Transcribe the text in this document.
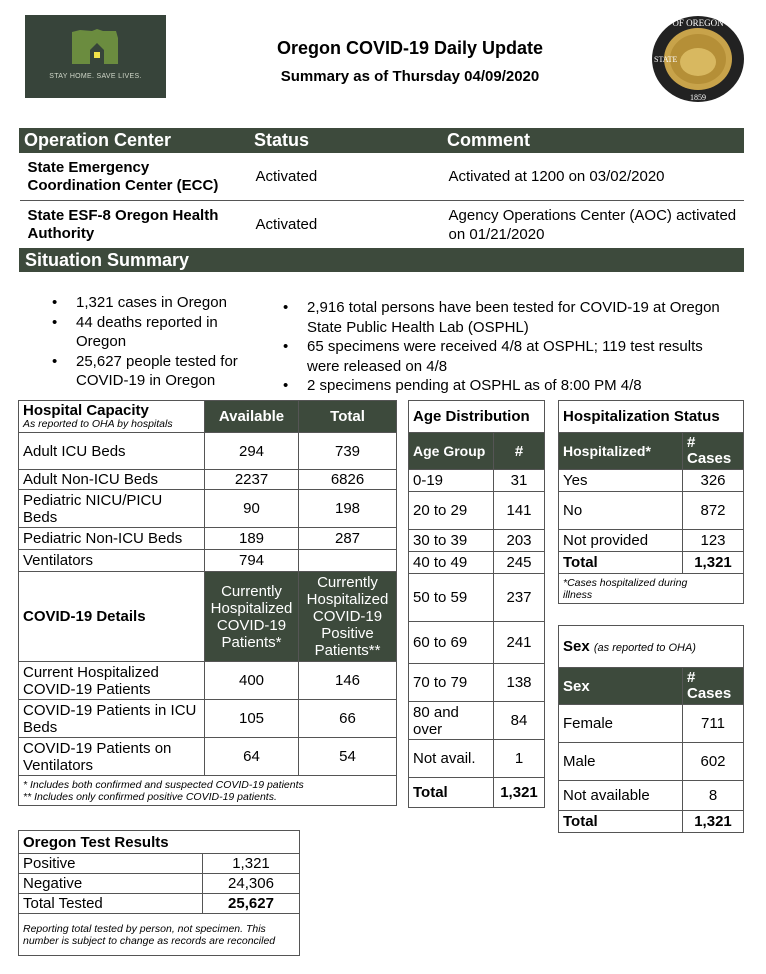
STAY HOME. SAVE LIVES.
Oregon COVID-19 Daily Update
Summary as of Thursday 04/09/2020
OF OREGON
STATE
1859
Operation Center	Status	Comment
State Emergency Coordination Center (ECC)	Activated	Activated at 1200 on 03/02/2020
State ESF-8 Oregon Health Authority	Activated	Agency Operations Center (AOC) activated on 01/21/2020
Situation Summary
• 1,321 cases in Oregon
• 44 deaths reported in Oregon
• 25,627 people tested for COVID-19 in Oregon
• 2,916 total persons have been tested for COVID-19 at Oregon State Public Health Lab (OSPHL)
• 65 specimens were received 4/8 at OSPHL; 119 test results were released on 4/8
• 2 specimens pending at OSPHL as of 8:00 PM 4/8
Hospital Capacity
As reported to OHA by hospitals	Available	Total
Adult ICU Beds	294	739
Adult Non-ICU Beds	2237	6826
Pediatric NICU/PICU Beds	90	198
Pediatric Non-ICU Beds	189	287
Ventilators	794	
COVID-19 Details	Currently Hospitalized COVID-19 Patients*	Currently Hospitalized COVID-19 Positive Patients**
Current Hospitalized COVID-19 Patients	400	146
COVID-19 Patients in ICU Beds	105	66
COVID-19 Patients on Ventilators	64	54

* Includes both confirmed and suspected COVID-19 patients
** Includes only confirmed positive COVID-19 patients.		
Age Distribution	
Age Group	#
0-19	31
20 to 29	141
30 to 39	203
40 to 49	245
50 to 59	237
60 to 69	241
70 to 79	138
80 and over	84
Not avail.	1
Total	1,321
Hospitalization Status	
Hospitalized*	# Cases
Yes	326
No	872
Not provided	123
Total	1,321
*Cases hospitalized during illness	
Sex (as reported to OHA)	
Sex	# Cases
Female	711
Male	602
Not available	8
Total	1,321
Oregon Test Results	
Positive	1,321
Negative	24,306
Total Tested	25,627
Reporting total tested by person, not specimen. This number is subject to change as records are reconciled	
